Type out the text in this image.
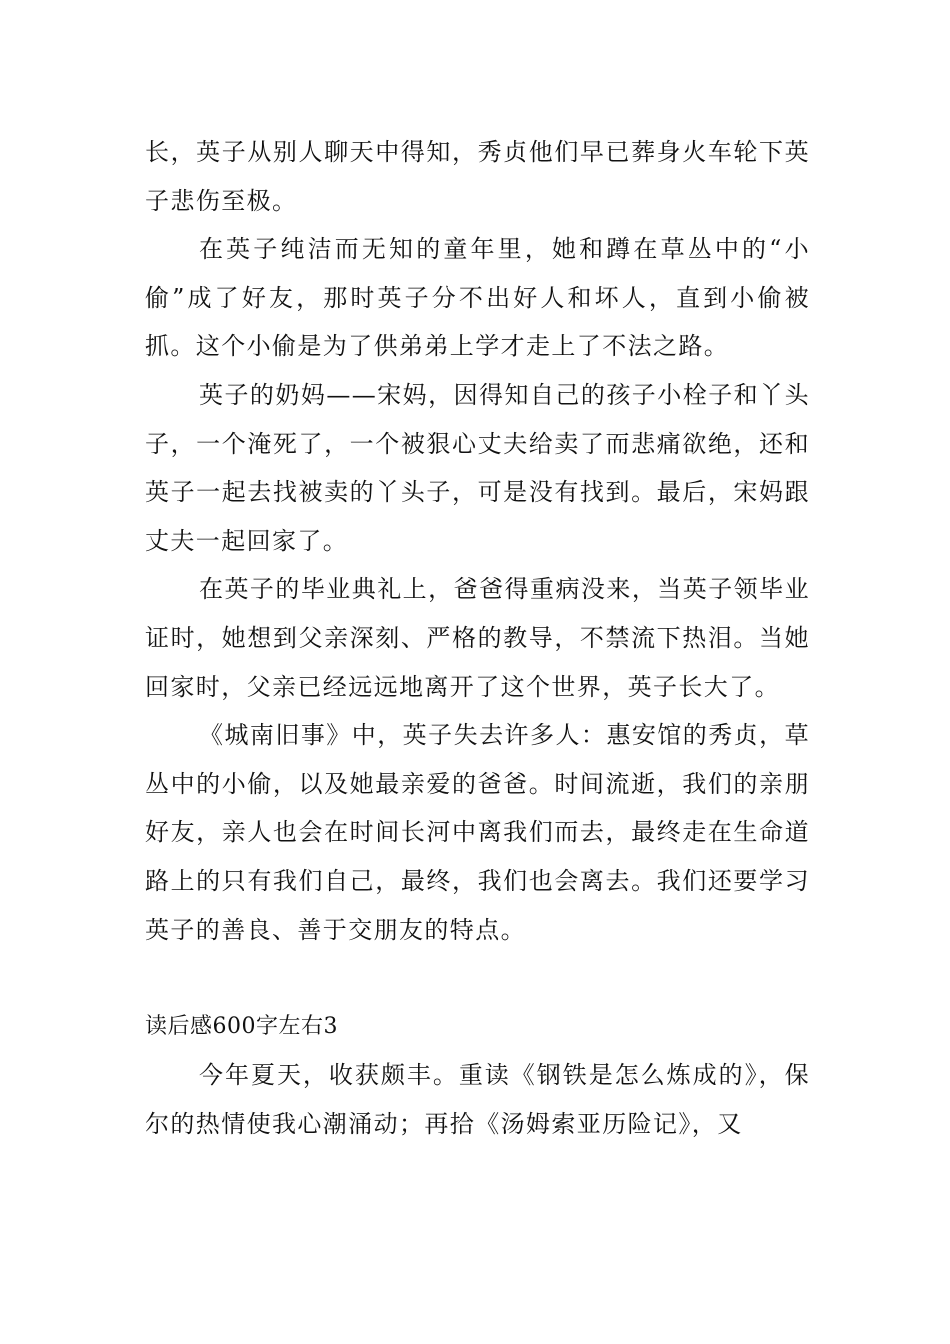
长，英子从别人聊天中得知，秀贞他们早已葬身火车轮下英子悲伤至极。

在英子纯洁而无知的童年里，她和蹲在草丛中的“小偷”成了好友，那时英子分不出好人和坏人，直到小偷被抓。这个小偷是为了供弟弟上学才走上了不法之路。

英子的奶妈——宋妈，因得知自己的孩子小栓子和丫头子，一个淹死了，一个被狠心丈夫给卖了而悲痛欲绝，还和英子一起去找被卖的丫头子，可是没有找到。最后，宋妈跟丈夫一起回家了。

在英子的毕业典礼上，爸爸得重病没来，当英子领毕业证时，她想到父亲深刻、严格的教导，不禁流下热泪。当她回家时，父亲已经远远地离开了这个世界，英子长大了。

《城南旧事》中，英子失去许多人：惠安馆的秀贞，草丛中的小偷，以及她最亲爱的爸爸。时间流逝，我们的亲朋好友，亲人也会在时间长河中离我们而去，最终走在生命道路上的只有我们自己，最终，我们也会离去。我们还要学习英子的善良、善于交朋友的特点。

读后感600字左右3

今年夏天，收获颇丰。重读《钢铁是怎么炼成的》，保尔的热情使我心潮涌动；再拾《汤姆索亚历险记》，又
